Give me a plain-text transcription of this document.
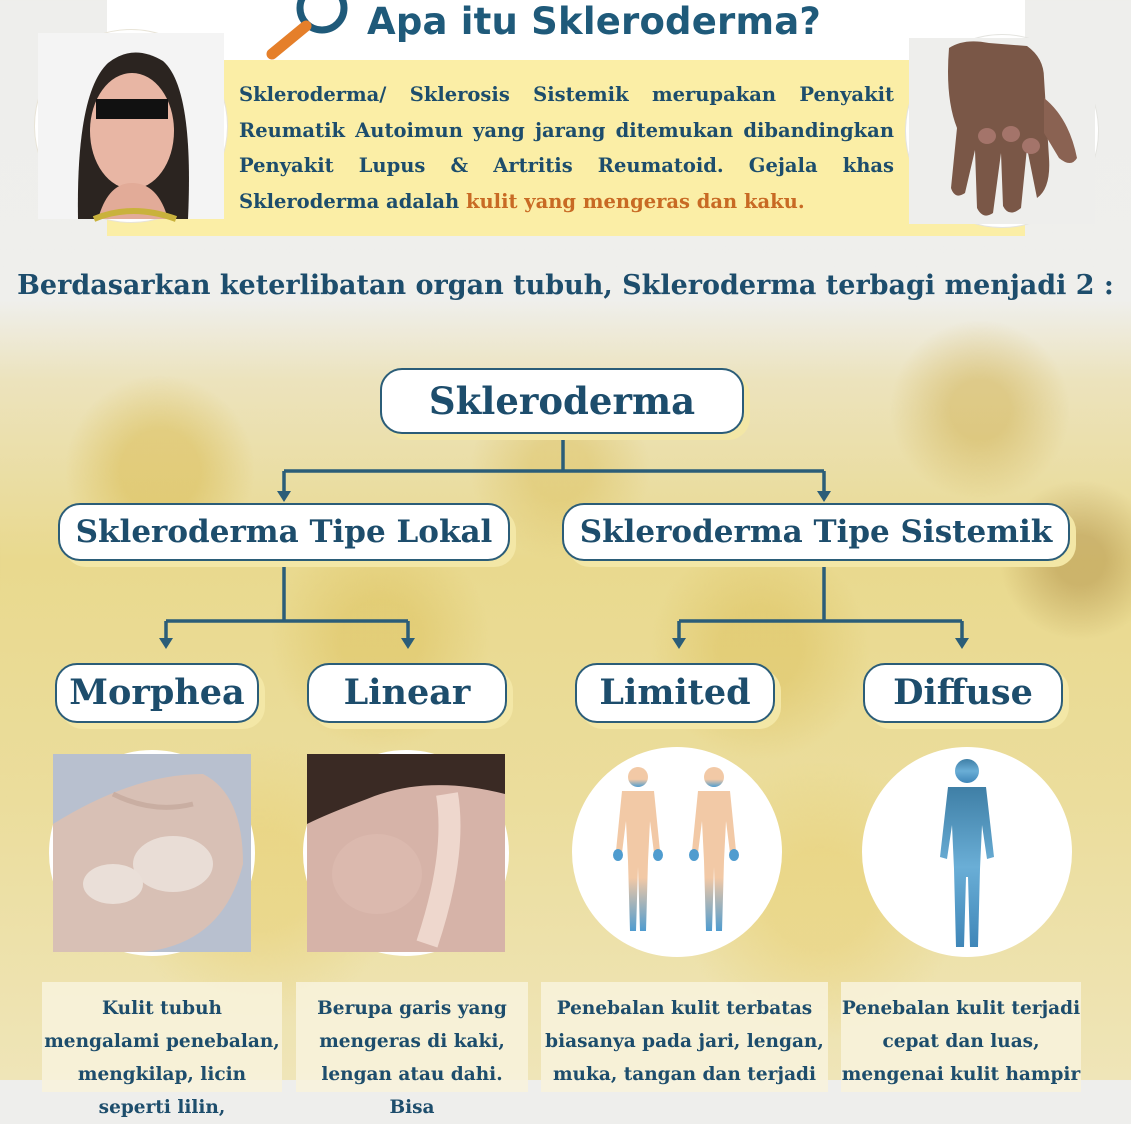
Apa itu Skleroderma?
Skleroderma/ Sklerosis Sistemik merupakan Penyakit Reumatik Autoimun yang jarang ditemukan dibandingkan Penyakit Lupus & Artritis Reumatoid. Gejala khas Skleroderma adalah kulit yang mengeras dan kaku.
Berdasarkan keterlibatan organ tubuh, Skleroderma terbagi menjadi 2 :
Skleroderma
Skleroderma Tipe Lokal	Skleroderma Tipe Sistemik
Morphea	Linear	Limited	Diffuse
Kulit tubuh mengalami penebalan, mengkilap, licin seperti lilin,
Berupa garis yang mengeras di kaki, lengan atau dahi. Bisa
Penebalan kulit terbatas biasanya pada jari, lengan, muka, tangan dan terjadi
Penebalan kulit terjadi cepat dan luas, mengenai kulit hampir
